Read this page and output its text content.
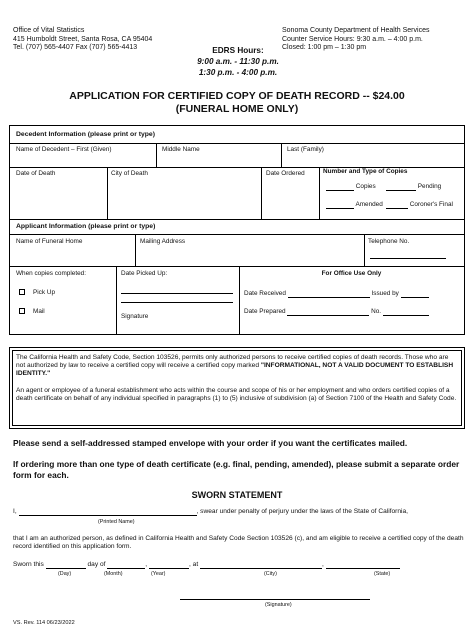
Office of Vital Statistics
415 Humboldt Street, Santa Rosa, CA 95404
Tel. (707) 565-4407 Fax (707) 565-4413	EDRS Hours:
9:00 a.m. - 11:30 p.m.
1:30 p.m. - 4:00 p.m.
Sonoma County Department of Health Services
Counter Service Hours: 9:30 a.m. – 4:00 p.m.
Closed: 1:00 pm – 1:30 pm
APPLICATION FOR CERTIFIED COPY OF DEATH RECORD -- $24.00
(FUNERAL HOME ONLY)
Decedent Information (please print or type)
Name of Decedent – First (Given)	Middle Name	Last (Family)
Date of Death	City of Death	Date Ordered	Number and Type of Copies
Copies	Pending
Amended	Coroner's Final
Applicant Information (please print or type)
Name of Funeral Home	Mailing Address	Telephone No.
When copies completed:
Pick Up
Mail
Date Picked Up:
Signature
For Office Use Only
Date Received	Issued by
Date Prepared	No.
The California Health and Safety Code, Section 103526, permits only authorized persons to receive certified copies of death records. Those who are not authorized by law to receive a certified copy will receive a certified copy marked "INFORMATIONAL, NOT A VALID DOCUMENT TO ESTABLISH IDENTITY."
An agent or employee of a funeral establishment who acts within the course and scope of his or her employment and who orders certified copies of a death certificate on behalf of any individual specified in paragraphs (1) to (5) inclusive of subdivision (a) of Section 7100 of the Health and Safety Code.
Please send a self-addressed stamped envelope with your order if you want the certificates mailed.
If ordering more than one type of death certificate (e.g. final, pending, amended), please submit a separate order form for each.
SWORN STATEMENT
I,	, swear under penalty of perjury under the laws of the State of California,
(Printed Name)
that I am an authorized person, as defined in California Health and Safety Code Section 103526 (c), and am eligible to receive a certified copy of the death record identified on this application form.
Sworn this	day of	,	, at	,
(Day)	(Month)	(Year)	(City)	(State)
(Signature)
VS. Rev. 114 06/23/2022
